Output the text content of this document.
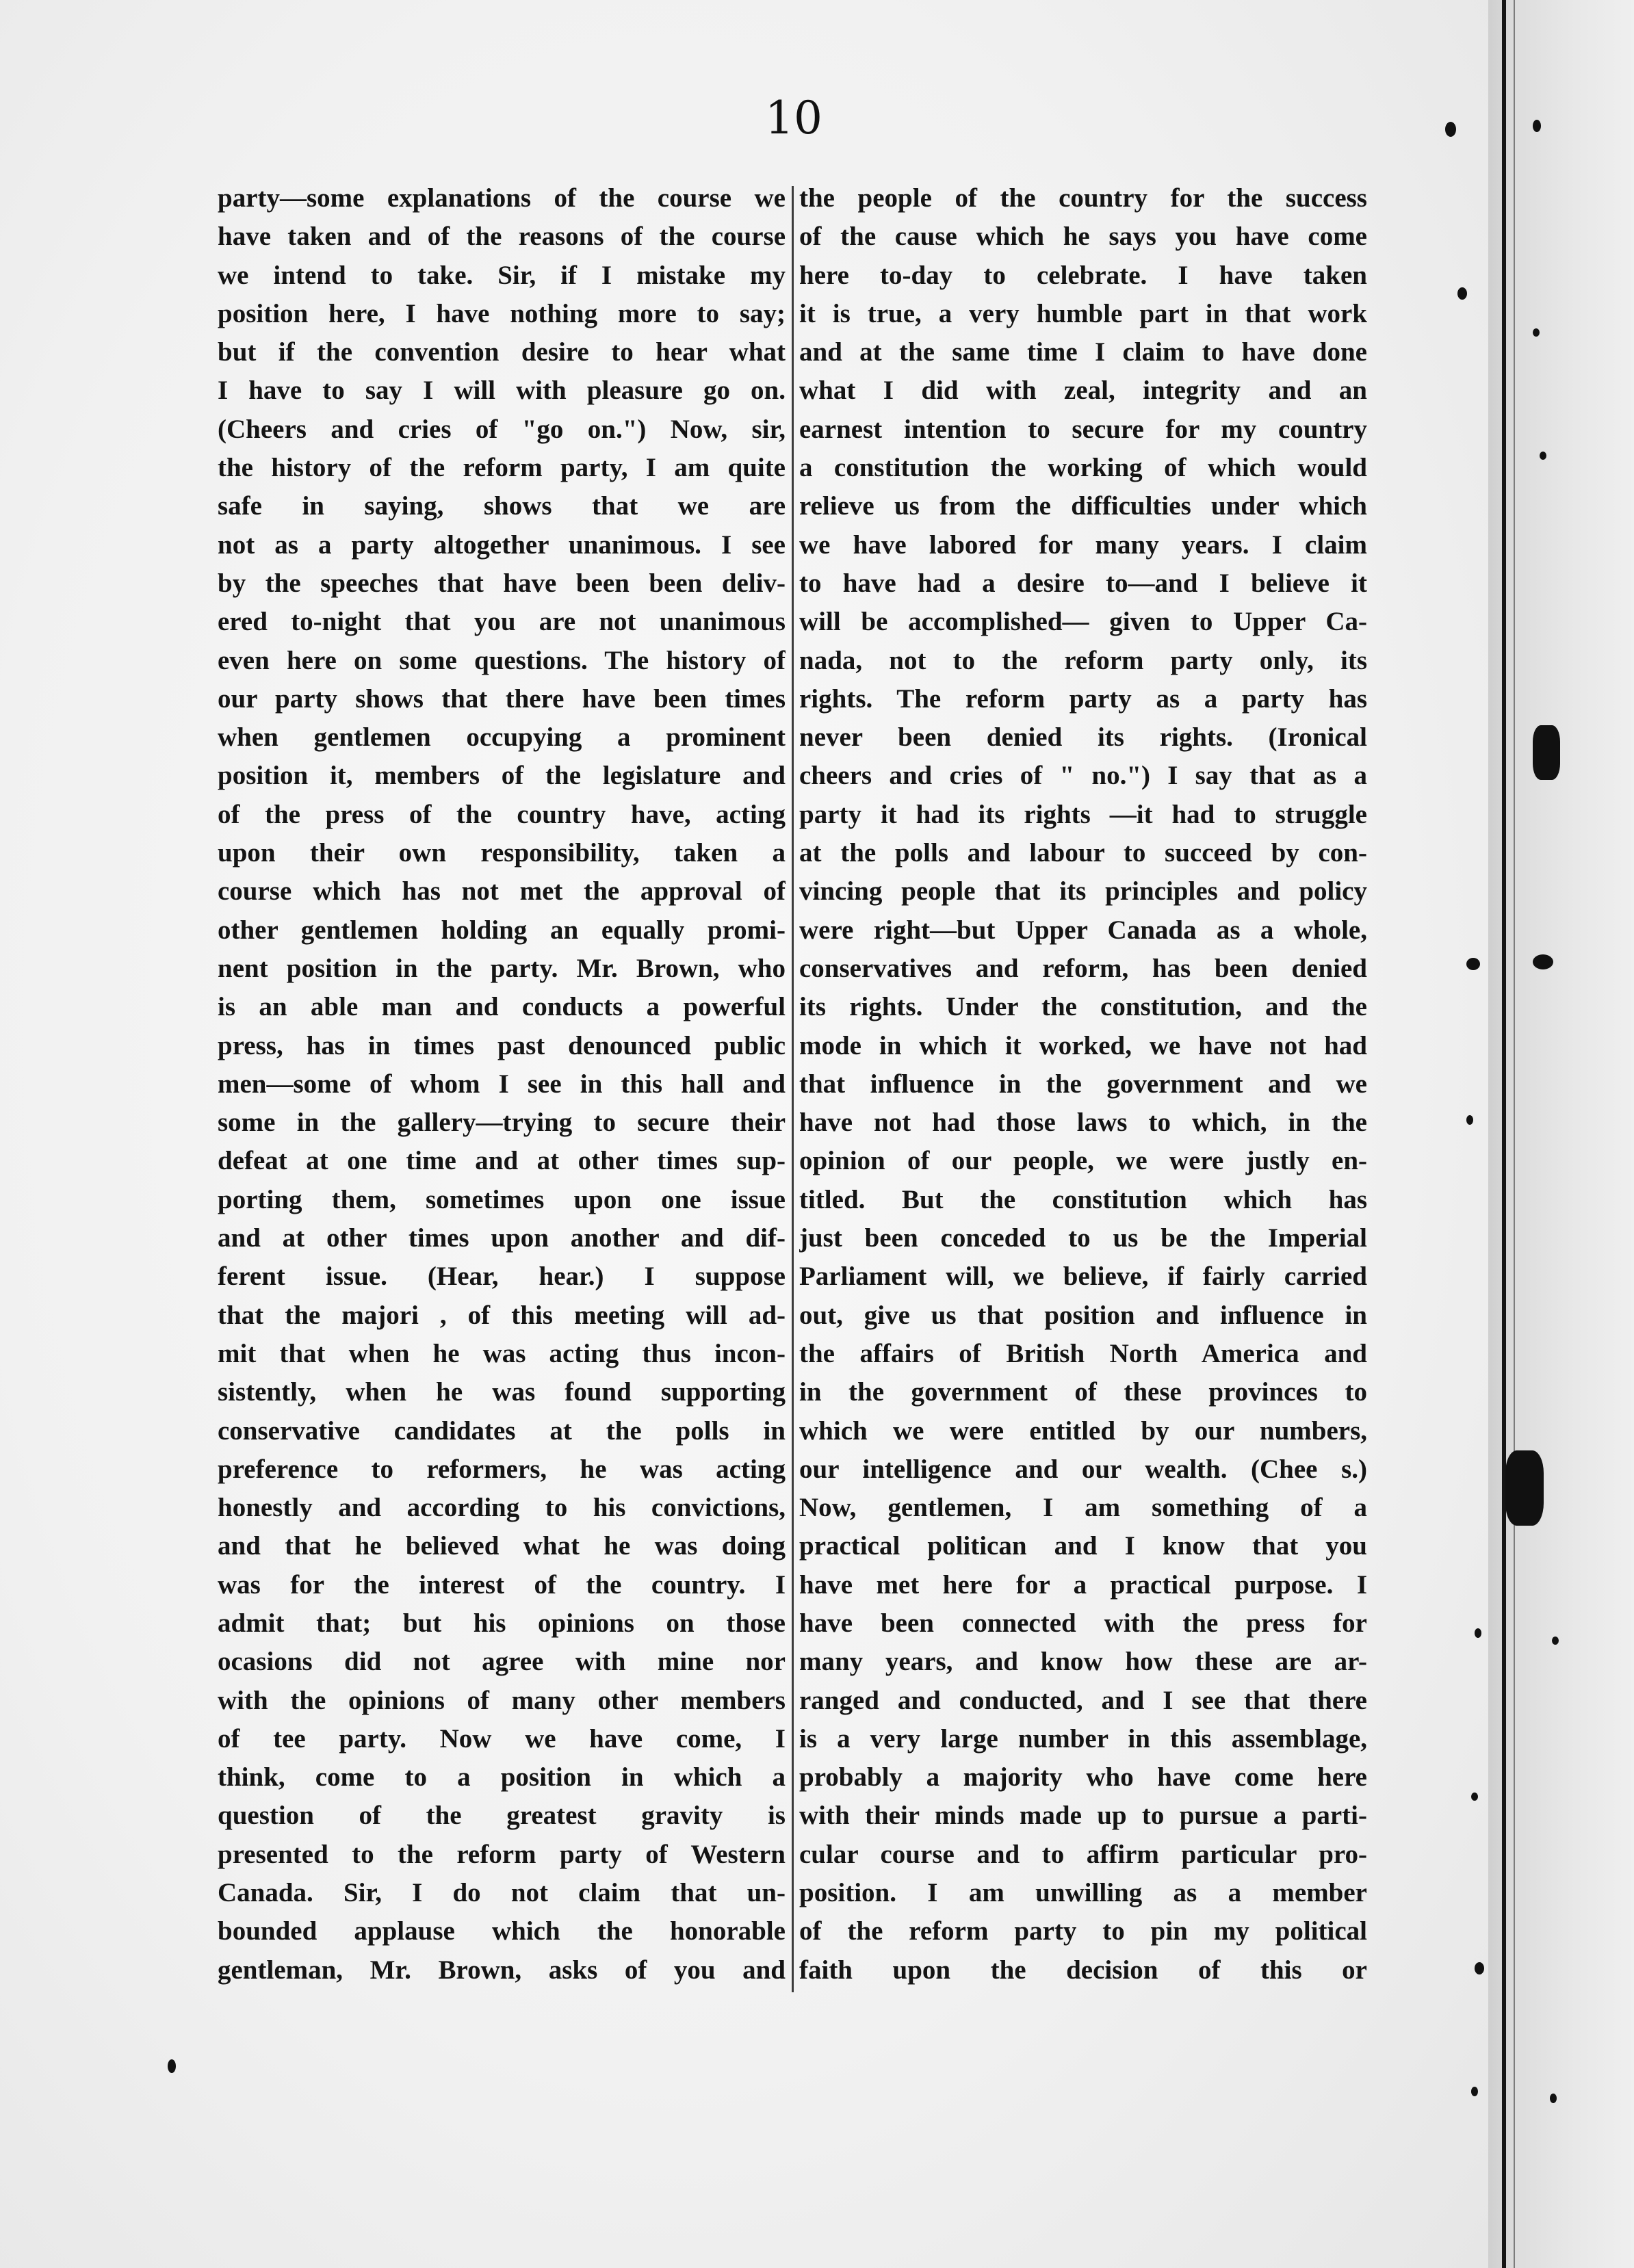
10
party—some explanations of the course we
have taken and of the reasons of the course
we intend to take. Sir, if I mistake my
position here, I have nothing more to say;
but if the convention desire to hear what
I have to say I will with pleasure go on.
(Cheers and cries of "go on.") Now, sir,
the history of the reform party, I am quite
safe in saying, shows that we are
not as a party altogether unanimous. I see
by the speeches that have been been deliv-
ered to-night that you are not unanimous
even here on some questions. The history of
our party shows that there have been times
when gentlemen occupying a prominent
position it, members of the legislature and
of the press of the country have, acting
upon their own responsibility, taken a
course which has not met the approval of
other gentlemen holding an equally promi-
nent position in the party. Mr. Brown, who
is an able man and conducts a powerful
press, has in times past denounced public
men—some of whom I see in this hall and
some in the gallery—trying to secure their
defeat at one time and at other times sup-
porting them, sometimes upon one issue
and at other times upon another and dif-
ferent issue. (Hear, hear.) I suppose
that the majori , of this meeting will ad-
mit that when he was acting thus incon-
sistently, when he was found supporting
conservative candidates at the polls in
preference to reformers, he was acting
honestly and according to his convictions,
and that he believed what he was doing
was for the interest of the country. I
admit that; but his opinions on those
ocasions did not agree with mine nor
with the opinions of many other members
of tee party. Now we have come, I
think, come to a position in which a
question of the greatest gravity is
presented to the reform party of Western
Canada. Sir, I do not claim that un-
bounded applause which the honorable
gentleman, Mr. Brown, asks of you and
the people of the country for the success
of the cause which he says you have come
here to-day to celebrate. I have taken
it is true, a very humble part in that work
and at the same time I claim to have done
what I did with zeal, integrity and an
earnest intention to secure for my country
a constitution the working of which would
relieve us from the difficulties under which
we have labored for many years. I claim
to have had a desire to—and I believe it
will be accomplished— given to Upper Ca-
nada, not to the reform party only, its
rights. The reform party as a party has
never been denied its rights. (Ironical
cheers and cries of " no.") I say that as a
party it had its rights —it had to struggle
at the polls and labour to succeed by con-
vincing people that its principles and policy
were right—but Upper Canada as a whole,
conservatives and reform, has been denied
its rights. Under the constitution, and the
mode in which it worked, we have not had
that influence in the government and we
have not had those laws to which, in the
opinion of our people, we were justly en-
titled. But the constitution which has
just been conceded to us be the Imperial
Parliament will, we believe, if fairly carried
out, give us that position and influence in
the affairs of British North America and
in the government of these provinces to
which we were entitled by our numbers,
our intelligence and our wealth. (Chee s.)
Now, gentlemen, I am something of a
practical politican and I know that you
have met here for a practical purpose. I
have been connected with the press for
many years, and know how these are ar-
ranged and conducted, and I see that there
is a very large number in this assemblage,
probably a majority who have come here
with their minds made up to pursue a parti-
cular course and to affirm particular pro-
position. I am unwilling as a member
of the reform party to pin my political
faith upon the decision of this or
